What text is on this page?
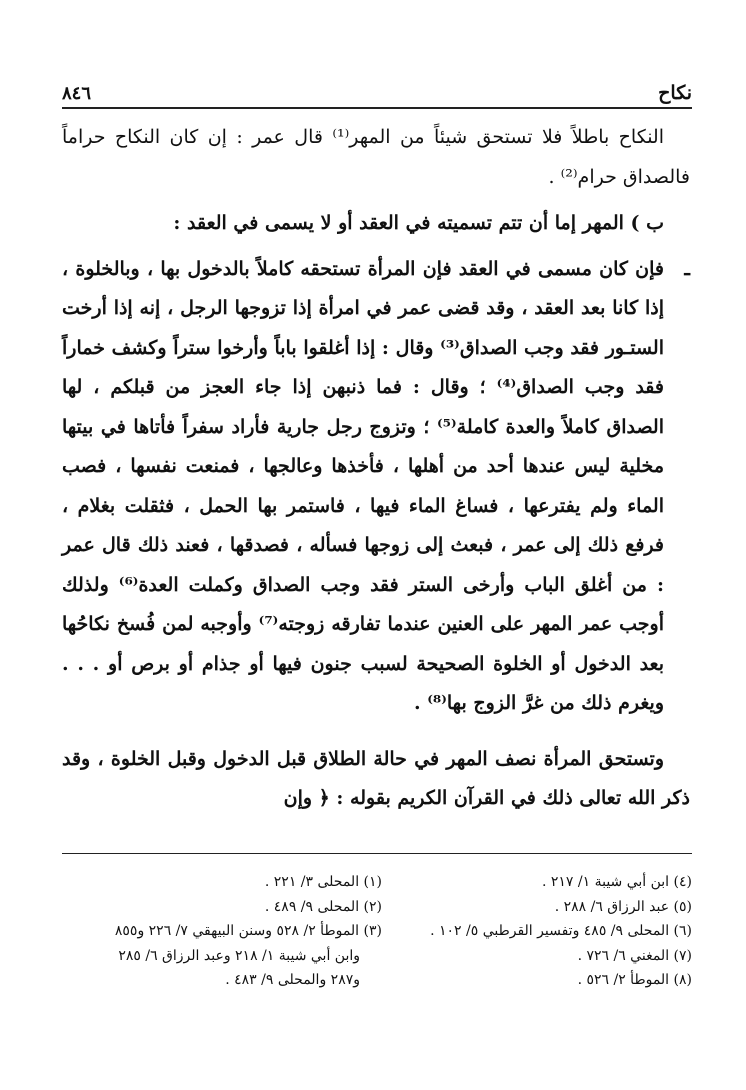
٨٤٦	نكاح

النكاح باطلاً فلا تستحق شيئاً من المهر⁽¹⁾ قال عمر : إن كان النكاح حراماً فالصداق حرام⁽²⁾ .

ب ) المهر إما أن تتم تسميته في العقد أو لا يسمى في العقد :

ـ
فإن كان مسمى في العقد فإن المرأة تستحقه كاملاً بالدخول بها ، وبالخلوة ، إذا كانا بعد العقد ، وقد قضى عمر في امرأة إذا تزوجها الرجل ، إنه إذا أرخت الستـور فقد وجب الصداق⁽³⁾ وقال : إذا أغلقوا باباً وأرخوا ستراً وكشف خماراً فقد وجب الصداق⁽⁴⁾ ؛ وقال : فما ذنبهن إذا جاء العجز من قبلكم ، لها الصداق كاملاً والعدة كاملة⁽⁵⁾ ؛ وتزوج رجل جارية فأراد سفراً فأتاها في بيتها مخلية ليس عندها أحد من أهلها ، فأخذها وعالجها ، فمنعت نفسها ، فصب الماء ولم يفترعها ، فساغ الماء فيها ، فاستمر بها الحمل ، فثقلت بغلام ، فرفع ذلك إلى عمر ، فبعث إلى زوجها فسأله ، فصدقها ، فعند ذلك قال عمر : من أغلق الباب وأرخى الستر فقد وجب الصداق وكملت العدة⁽⁶⁾ ولذلك أوجب عمر المهر على العنين عندما تفارقه زوجته⁽⁷⁾ وأوجبه لمن فُسخ نكاحُها بعد الدخول أو الخلوة الصحيحة لسبب جنون فيها أو جذام أو برص أو . . . ويغرم ذلك من غرَّ الزوج بها⁽⁸⁾ .

وتستحق المرأة نصف المهر في حالة الطلاق قبل الدخول وقبل الخلوة ، وقد ذكر الله تعالى ذلك في القرآن الكريم بقوله : ﴿ وإن

(١) المحلى ٣/ ٢٢١ .
(٢) المحلى ٩/ ٤٨٩ .
(٣) الموطأ ٢/ ٥٢٨ وسنن البيهقي ٧/ ٢٢٦ و٨٥٥
وابن أبي شيبة ١/ ٢١٨ وعبد الرزاق ٦/ ٢٨٥
و٢٨٧ والمحلى ٩/ ٤٨٣ .
(٤) ابن أبي شيبة ١/ ٢١٧ .
(٥) عبد الرزاق ٦/ ٢٨٨ .
(٦) المحلى ٩/ ٤٨٥ وتفسير القرطبي ٥/ ١٠٢ .
(٧) المغني ٦/ ٧٢٦ .
(٨) الموطأ ٢/ ٥٢٦ .
